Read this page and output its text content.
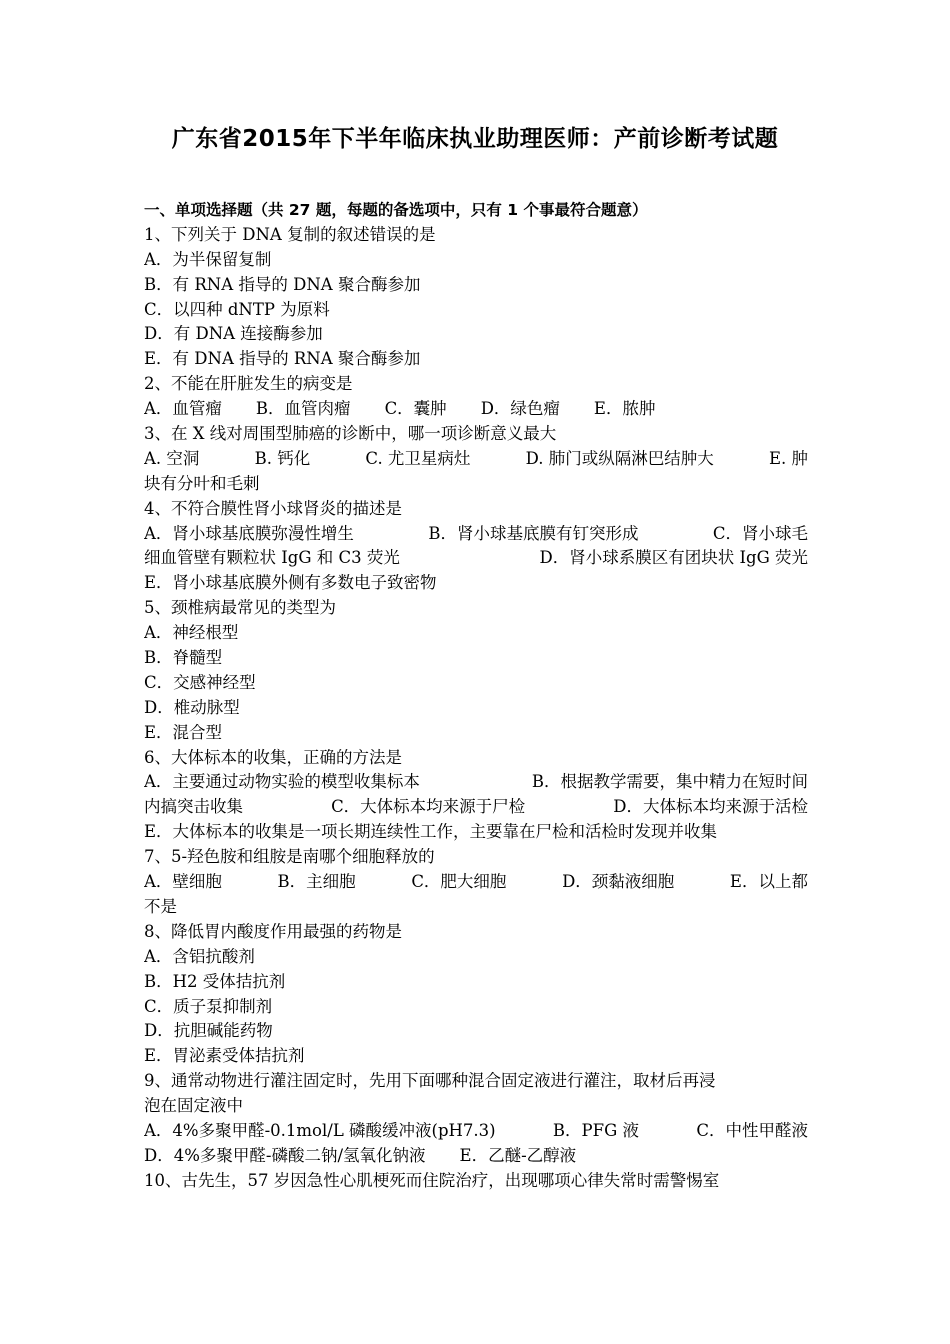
广东省2015年下半年临床执业助理医师：产前诊断考试题
一、单项选择题（共 27 题，每题的备选项中，只有 1 个事最符合题意）
1、下列关于 DNA 复制的叙述错误的是
A．为半保留复制
B．有 RNA 指导的 DNA 聚合酶参加
C．以四种 dNTP 为原料
D．有 DNA 连接酶参加
E．有 DNA 指导的 RNA 聚合酶参加
2、不能在肝脏发生的病变是
A．血管瘤 B．血管肉瘤 C．囊肿 D．绿色瘤 E．脓肿
3、在 X 线对周围型肺癌的诊断中，哪一项诊断意义最大
A. 空洞	B. 钙化	C. 尤卫星病灶	D. 肺门或纵隔淋巴结肿大	E. 肿
块有分叶和毛刺
4、不符合膜性肾小球肾炎的描述是
A．肾小球基底膜弥漫性增生	B．肾小球基底膜有钉突形成	C．肾小球毛
细血管壁有颗粒状 IgG 和 C3 荧光	D．肾小球系膜区有团块状 IgG 荧光
E．肾小球基底膜外侧有多数电子致密物
5、颈椎病最常见的类型为
A．神经根型
B．脊髓型
C．交感神经型
D．椎动脉型
E．混合型
6、大体标本的收集，正确的方法是
A．主要通过动物实验的模型收集标本	B．根据教学需要，集中精力在短时间
内搞突击收集	C．大体标本均来源于尸检	D．大体标本均来源于活检
E．大体标本的收集是一项长期连续性工作，主要靠在尸检和活检时发现并收集
7、5-羟色胺和组胺是南哪个细胞释放的
A．壁细胞	B．主细胞	C．肥大细胞	D．颈黏液细胞	E．以上都
不是
8、降低胃内酸度作用最强的药物是
A．含铝抗酸剂
B．H2 受体拮抗剂
C．质子泵抑制剂
D．抗胆碱能药物
E．胃泌素受体拮抗剂
9、通常动物进行灌注固定时，先用下面哪种混合固定液进行灌注，取材后再浸
泡在固定液中
A．4%多聚甲醛-0.1mol/L 磷酸缓冲液(pH7.3)	B．PFG 液	C．中性甲醛液
D．4%多聚甲醛-磷酸二钠/氢氧化钠液 E．乙醚-乙醇液
10、古先生，57 岁因急性心肌梗死而住院治疗，出现哪项心律失常时需警惕室
